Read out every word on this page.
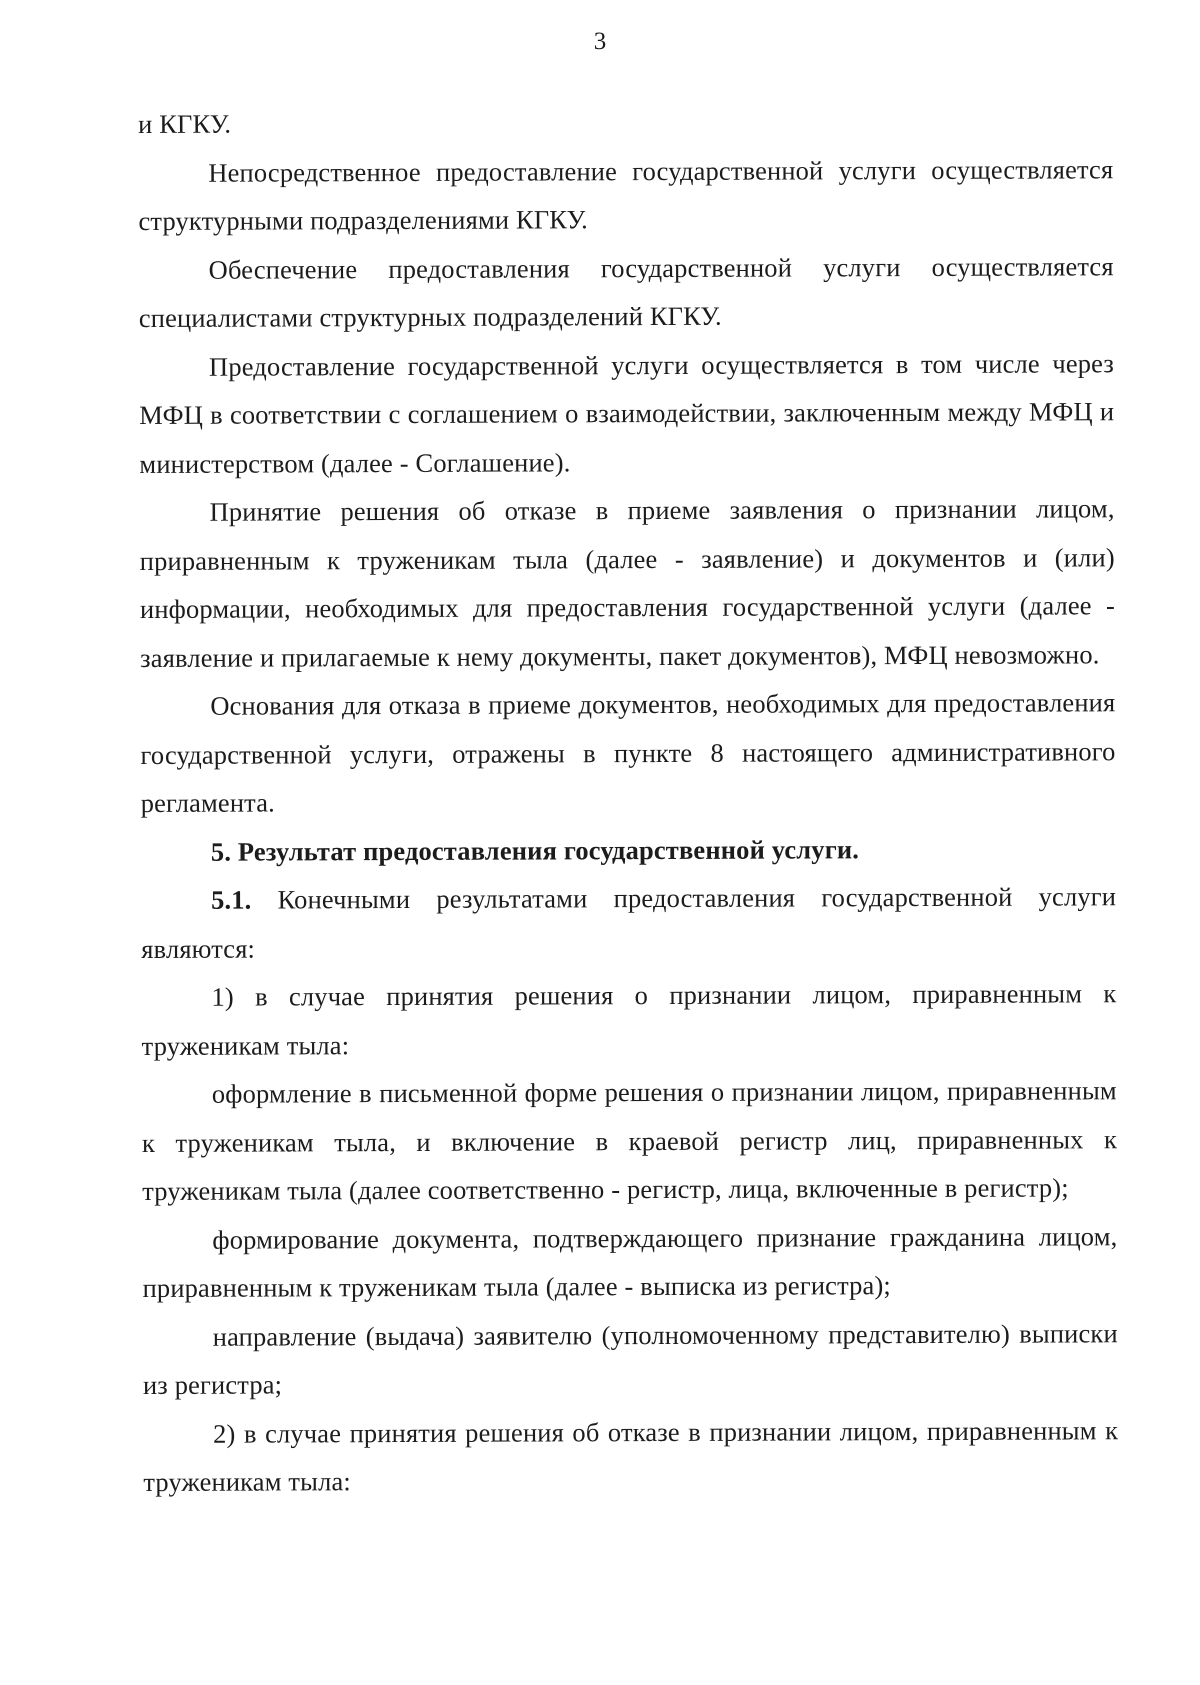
3

и КГКУ.

Непосредственное предоставление государственной услуги осуществляется структурными подразделениями КГКУ.

Обеспечение предоставления государственной услуги осуществляется специалистами структурных подразделений КГКУ.

Предоставление государственной услуги осуществляется в том числе через МФЦ в соответствии с соглашением о взаимодействии, заключенным между МФЦ и министерством (далее - Соглашение).

Принятие решения об отказе в приеме заявления о признании лицом, приравненным к труженикам тыла (далее - заявление) и документов и (или) информации, необходимых для предоставления государственной услуги (далее - заявление и прилагаемые к нему документы, пакет документов), МФЦ невозможно.

Основания для отказа в приеме документов, необходимых для предоставления государственной услуги, отражены в пункте 8 настоящего административного регламента.

5. Результат предоставления государственной услуги.

5.1. Конечными результатами предоставления государственной услуги являются:

1) в случае принятия решения о признании лицом, приравненным к труженикам тыла:

оформление в письменной форме решения о признании лицом, приравненным к труженикам тыла, и включение в краевой регистр лиц, приравненных к труженикам тыла (далее соответственно - регистр, лица, включенные в регистр);

формирование документа, подтверждающего признание гражданина лицом, приравненным к труженикам тыла (далее - выписка из регистра);

направление (выдача) заявителю (уполномоченному представителю) выписки из регистра;

2) в случае принятия решения об отказе в признании лицом, приравненным к труженикам тыла:
